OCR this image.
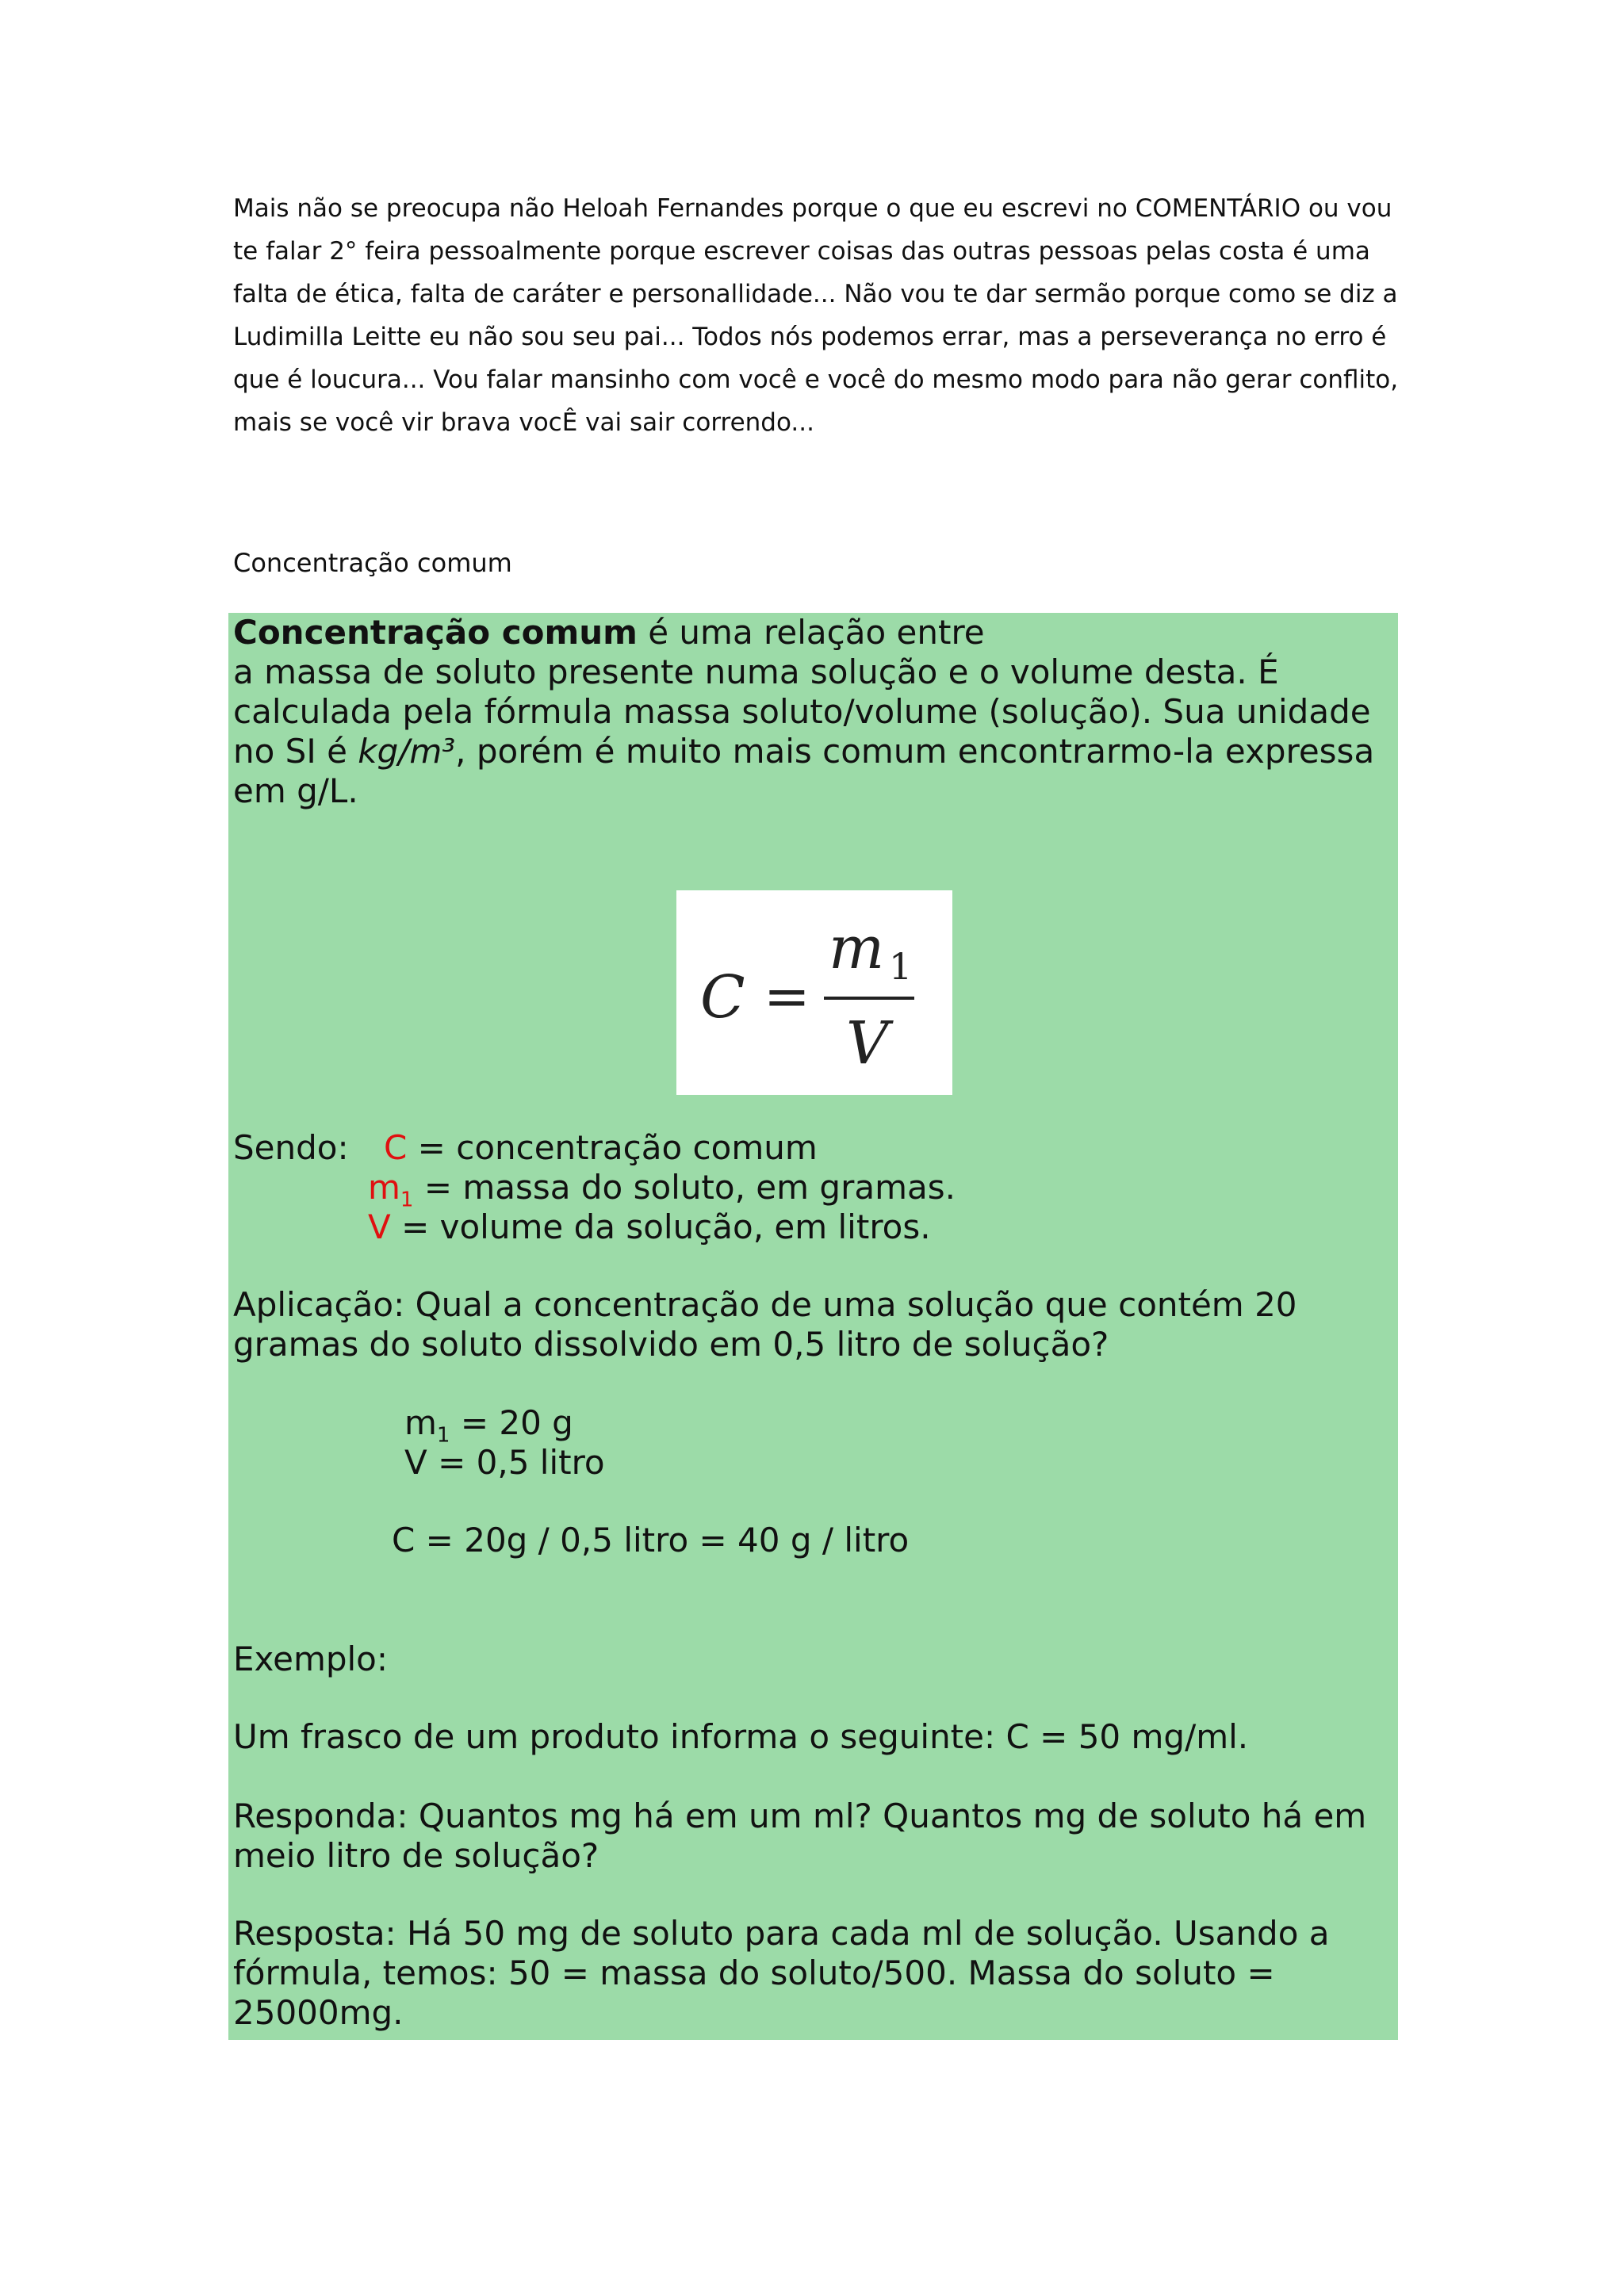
Mais não se preocupa não Heloah Fernandes porque o que eu escrevi no COMENTÁRIO ou vou

te falar 2° feira pessoalmente porque escrever coisas das outras pessoas pelas costa é uma

falta de ética, falta de caráter e personallidade... Não vou te dar sermão porque como se diz a

Ludimilla Leitte eu não sou seu pai... Todos nós podemos errar, mas a perseverança no erro é

que é loucura... Vou falar mansinho com você e você do mesmo modo para não gerar conflito,

mais se você vir brava vocÊ vai sair correndo...

Concentração comum

Concentração comum é uma relação entre

a massa de soluto presente numa solução e o volume desta. É

calculada pela fórmula massa soluto/volume (solução). Sua unidade

no SI é kg/m³, porém é muito mais comum encontrarmo-la expressa

em g/L.

C =
m 1
V
Sendo: C = concentração comum
$m_1$ = massa do soluto, em gramas.
V = volume da solução, em litros.

Aplicação: Qual a concentração de uma solução que contém 20

gramas do soluto dissolvido em 0,5 litro de solução?

$m_1 = 20$ g
V = 0,5 litro
C = 20g / 0,5 litro = 40 g / litro
Exemplo:
Um frasco de um produto informa o seguinte: C = 50 mg/ml.

Responda: Quantos mg há em um ml? Quantos mg de soluto há em

meio litro de solução?

Resposta: Há 50 mg de soluto para cada ml de solução. Usando a

fórmula, temos: 50 = massa do soluto/500. Massa do soluto =

25000mg.
